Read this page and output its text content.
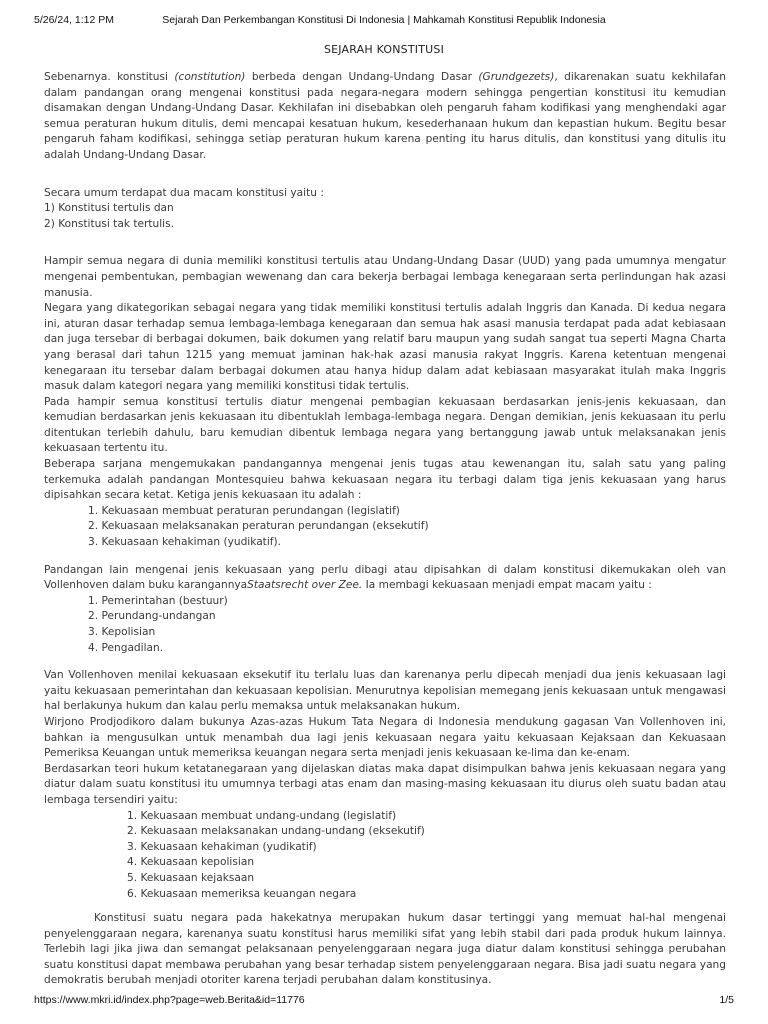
5/26/24, 1:12 PM	Sejarah Dan Perkembangan Konstitusi Di Indonesia | Mahkamah Konstitusi Republik Indonesia
SEJARAH KONSTITUSI

Sebenarnya. konstitusi (constitution) berbeda dengan Undang-Undang Dasar (Grundgezets), dikarenakan suatu kekhilafan dalam pandangan orang mengenai konstitusi pada negara-negara modern sehingga pengertian konstitusi itu kemudian disamakan dengan Undang-Undang Dasar. Kekhilafan ini disebabkan oleh pengaruh faham kodifikasi yang menghendaki agar semua peraturan hukum ditulis, demi mencapai kesatuan hukum, kesederhanaan hukum dan kepastian hukum. Begitu besar pengaruh faham kodifikasi, sehingga setiap peraturan hukum karena penting itu harus ditulis, dan konstitusi yang ditulis itu adalah Undang-Undang Dasar.

Secara umum terdapat dua macam konstitusi yaitu :

1) Konstitusi tertulis dan

2) Konstitusi tak tertulis.

Hampir semua negara di dunia memiliki konstitusi tertulis atau Undang-Undang Dasar (UUD) yang pada umumnya mengatur mengenai pembentukan, pembagian wewenang dan cara bekerja berbagai lembaga kenegaraan serta perlindungan hak azasi manusia.

Negara yang dikategorikan sebagai negara yang tidak memiliki konstitusi tertulis adalah Inggris dan Kanada. Di kedua negara ini, aturan dasar terhadap semua lembaga-lembaga kenegaraan dan semua hak asasi manusia terdapat pada adat kebiasaan dan juga tersebar di berbagai dokumen, baik dokumen yang relatif baru maupun yang sudah sangat tua seperti Magna Charta yang berasal dari tahun 1215 yang memuat jaminan hak-hak azasi manusia rakyat Inggris. Karena ketentuan mengenai kenegaraan itu tersebar dalam berbagai dokumen atau hanya hidup dalam adat kebiasaan masyarakat itulah maka Inggris masuk dalam kategori negara yang memiliki konstitusi tidak tertulis.

Pada hampir semua konstitusi tertulis diatur mengenai pembagian kekuasaan berdasarkan jenis-jenis kekuasaan, dan kemudian berdasarkan jenis kekuasaan itu dibentuklah lembaga-lembaga negara. Dengan demikian, jenis kekuasaan itu perlu ditentukan terlebih dahulu, baru kemudian dibentuk lembaga negara yang bertanggung jawab untuk melaksanakan jenis kekuasaan tertentu itu.

Beberapa sarjana mengemukakan pandangannya mengenai jenis tugas atau kewenangan itu, salah satu yang paling terkemuka adalah pandangan Montesquieu bahwa kekuasaan negara itu terbagi dalam tiga jenis kekuasaan yang harus dipisahkan secara ketat. Ketiga jenis kekuasaan itu adalah :

1. Kekuasaan membuat peraturan perundangan (legislatif)
2. Kekuasaan melaksanakan peraturan perundangan (eksekutif)
3. Kekuasaan kehakiman (yudikatif).

Pandangan lain mengenai jenis kekuasaan yang perlu dibagi atau dipisahkan di dalam konstitusi dikemukakan oleh van Vollenhoven dalam buku karangannyaStaatsrecht over Zee. Ia membagi kekuasaan menjadi empat macam yaitu :

1. Pemerintahan (bestuur)
2. Perundang-undangan
3. Kepolisian
4. Pengadilan.

Van Vollenhoven menilai kekuasaan eksekutif itu terlalu luas dan karenanya perlu dipecah menjadi dua jenis kekuasaan lagi yaitu kekuasaan pemerintahan dan kekuasaan kepolisian. Menurutnya kepolisian memegang jenis kekuasaan untuk mengawasi hal berlakunya hukum dan kalau perlu memaksa untuk melaksanakan hukum.

Wirjono Prodjodikoro dalam bukunya Azas-azas Hukum Tata Negara di Indonesia mendukung gagasan Van Vollenhoven ini, bahkan ia mengusulkan untuk menambah dua lagi jenis kekuasaan negara yaitu kekuasaan Kejaksaan dan Kekuasaan Pemeriksa Keuangan untuk memeriksa keuangan negara serta menjadi jenis kekuasaan ke-lima dan ke-enam.

Berdasarkan teori hukum ketatanegaraan yang dijelaskan diatas maka dapat disimpulkan bahwa jenis kekuasaan negara yang diatur dalam suatu konstitusi itu umumnya terbagi atas enam dan masing-masing kekuasaan itu diurus oleh suatu badan atau lembaga tersendiri yaitu:

1. Kekuasaan membuat undang-undang (legislatif)
2. Kekuasaan melaksanakan undang-undang (eksekutif)
3. Kekuasaan kehakiman (yudikatif)
4. Kekuasaan kepolisian
5. Kekuasaan kejaksaan
6. Kekuasaan memeriksa keuangan negara

Konstitusi suatu negara pada hakekatnya merupakan hukum dasar tertinggi yang memuat hal-hal mengenai penyelenggaraan negara, karenanya suatu konstitusi harus memiliki sifat yang lebih stabil dari pada produk hukum lainnya. Terlebih lagi jika jiwa dan semangat pelaksanaan penyelenggaraan negara juga diatur dalam konstitusi sehingga perubahan suatu konstitusi dapat membawa perubahan yang besar terhadap sistem penyelenggaraan negara. Bisa jadi suatu negara yang demokratis berubah menjadi otoriter karena terjadi perubahan dalam konstitusinya.

https://www.mkri.id/index.php?page=web.Berita&id=11776	1/5
